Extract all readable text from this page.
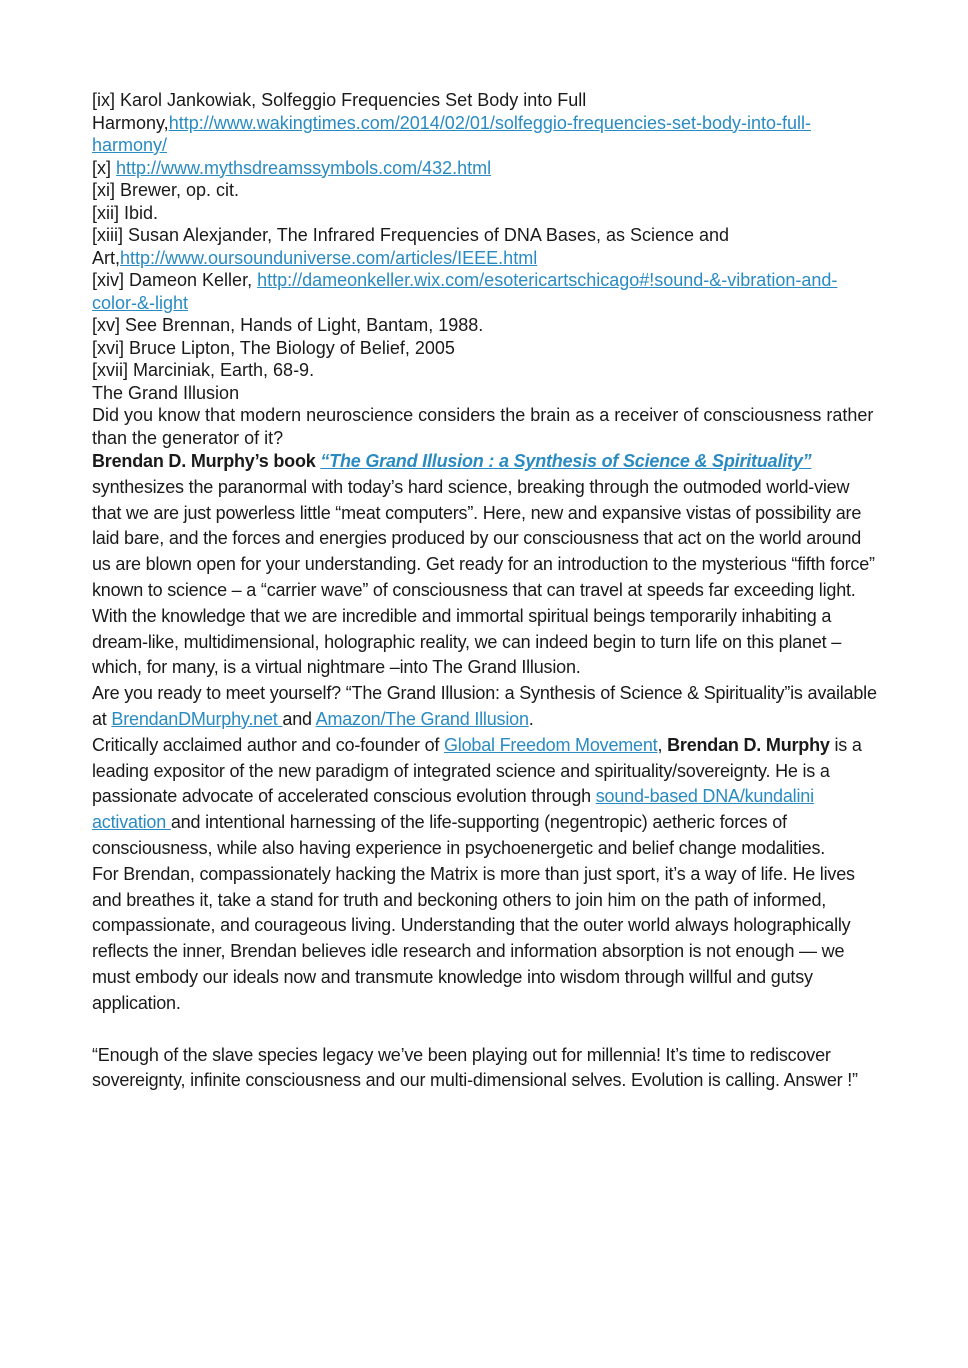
[ix] Karol Jankowiak, Solfeggio Frequencies Set Body into Full Harmony,http://www.wakingtimes.com/2014/02/01/solfeggio-frequencies-set-body-into-full-harmony/

[x] http://www.mythsdreamssymbols.com/432.html

[xi] Brewer, op. cit.

[xii] Ibid.

[xiii] Susan Alexjander, The Infrared Frequencies of DNA Bases, as Science and Art,http://www.oursounduniverse.com/articles/IEEE.html

[xiv] Dameon Keller, http://dameonkeller.wix.com/esotericartschicago#!sound-&-vibration-and-color-&-light

[xv] See Brennan, Hands of Light, Bantam, 1988.

[xvi] Bruce Lipton, The Biology of Belief, 2005

[xvii] Marciniak, Earth, 68-9.

The Grand Illusion

Did you know that modern neuroscience considers the brain as a receiver of consciousness rather than the generator of it?

Brendan D. Murphy’s book “The Grand Illusion : a Synthesis of Science & Spirituality” synthesizes the paranormal with today’s hard science, breaking through the outmoded world-view that we are just powerless little “meat computers”. Here, new and expansive vistas of possibility are laid bare, and the forces and energies produced by our consciousness that act on the world around us are blown open for your understanding. Get ready for an introduction to the mysterious “fifth force” known to science – a “carrier wave” of consciousness that can travel at speeds far exceeding light. With the knowledge that we are incredible and immortal spiritual beings temporarily inhabiting a dream-like, multidimensional, holographic reality, we can indeed begin to turn life on this planet – which, for many, is a virtual nightmare –into The Grand Illusion.

Are you ready to meet yourself? “The Grand Illusion: a Synthesis of Science & Spirituality”is available at BrendanDMurphy.net and Amazon/The Grand Illusion.

Critically acclaimed author and co-founder of Global Freedom Movement, Brendan D. Murphy is a leading expositor of the new paradigm of integrated science and spirituality/sovereignty. He is a passionate advocate of accelerated conscious evolution through sound-based DNA/kundalini activation and intentional harnessing of the life-supporting (negentropic) aetheric forces of consciousness, while also having experience in psychoenergetic and belief change modalities.

For Brendan, compassionately hacking the Matrix is more than just sport, it’s a way of life. He lives and breathes it, take a stand for truth and beckoning others to join him on the path of informed, compassionate, and courageous living. Understanding that the outer world always holographically reflects the inner, Brendan believes idle research and information absorption is not enough — we must embody our ideals now and transmute knowledge into wisdom through willful and gutsy application.

“Enough of the slave species legacy we’ve been playing out for millennia! It’s time to rediscover sovereignty, infinite consciousness and our multi-dimensional selves. Evolution is calling. Answer !”
